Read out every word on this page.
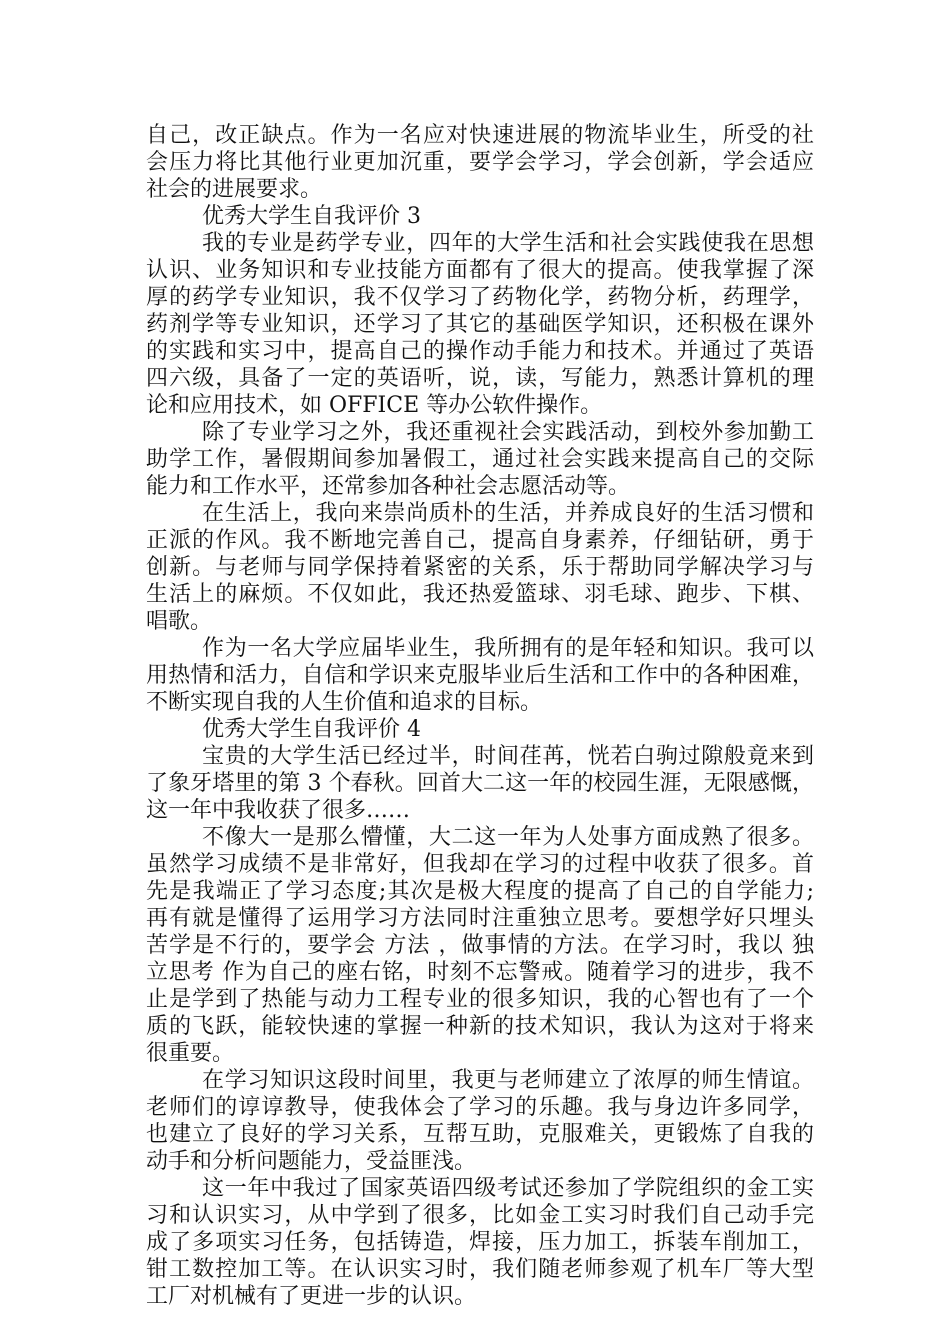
自己，改正缺点。作为一名应对快速进展的物流毕业生，所受的社
会压力将比其他行业更加沉重，要学会学习，学会创新，学会适应
社会的进展要求。
优秀大学生自我评价 3
我的专业是药学专业，四年的大学生活和社会实践使我在思想
认识、业务知识和专业技能方面都有了很大的提高。使我掌握了深
厚的药学专业知识，我不仅学习了药物化学，药物分析，药理学，
药剂学等专业知识，还学习了其它的基础医学知识，还积极在课外
的实践和实习中，提高自己的操作动手能力和技术。并通过了英语
四六级，具备了一定的英语听，说，读，写能力，熟悉计算机的理
论和应用技术，如 OFFICE 等办公软件操作。
除了专业学习之外，我还重视社会实践活动，到校外参加勤工
助学工作，暑假期间参加暑假工，通过社会实践来提高自己的交际
能力和工作水平，还常参加各种社会志愿活动等。
在生活上，我向来崇尚质朴的生活，并养成良好的生活习惯和
正派的作风。我不断地完善自己，提高自身素养，仔细钻研，勇于
创新。与老师与同学保持着紧密的关系，乐于帮助同学解决学习与
生活上的麻烦。不仅如此，我还热爱篮球、羽毛球、跑步、下棋、
唱歌。
作为一名大学应届毕业生，我所拥有的是年轻和知识。我可以
用热情和活力，自信和学识来克服毕业后生活和工作中的各种困难，
不断实现自我的人生价值和追求的目标。
优秀大学生自我评价 4
宝贵的大学生活已经过半，时间荏苒，恍若白驹过隙般竟来到
了象牙塔里的第 3 个春秋。回首大二这一年的校园生涯，无限感慨，
这一年中我收获了很多……
不像大一是那么懵懂，大二这一年为人处事方面成熟了很多。
虽然学习成绩不是非常好，但我却在学习的过程中收获了很多。首
先是我端正了学习态度;其次是极大程度的提高了自己的自学能力;
再有就是懂得了运用学习方法同时注重独立思考。要想学好只埋头
苦学是不行的，要学会 方法 ，做事情的方法。在学习时，我以 独
立思考 作为自己的座右铭，时刻不忘警戒。随着学习的进步，我不
止是学到了热能与动力工程专业的很多知识，我的心智也有了一个
质的飞跃，能较快速的掌握一种新的技术知识，我认为这对于将来
很重要。
在学习知识这段时间里，我更与老师建立了浓厚的师生情谊。
老师们的谆谆教导，使我体会了学习的乐趣。我与身边许多同学，
也建立了良好的学习关系，互帮互助，克服难关，更锻炼了自我的
动手和分析问题能力，受益匪浅。
这一年中我过了国家英语四级考试还参加了学院组织的金工实
习和认识实习，从中学到了很多，比如金工实习时我们自己动手完
成了多项实习任务，包括铸造，焊接，压力加工，拆装车削加工，
钳工数控加工等。在认识实习时，我们随老师参观了机车厂等大型
工厂对机械有了更进一步的认识。
